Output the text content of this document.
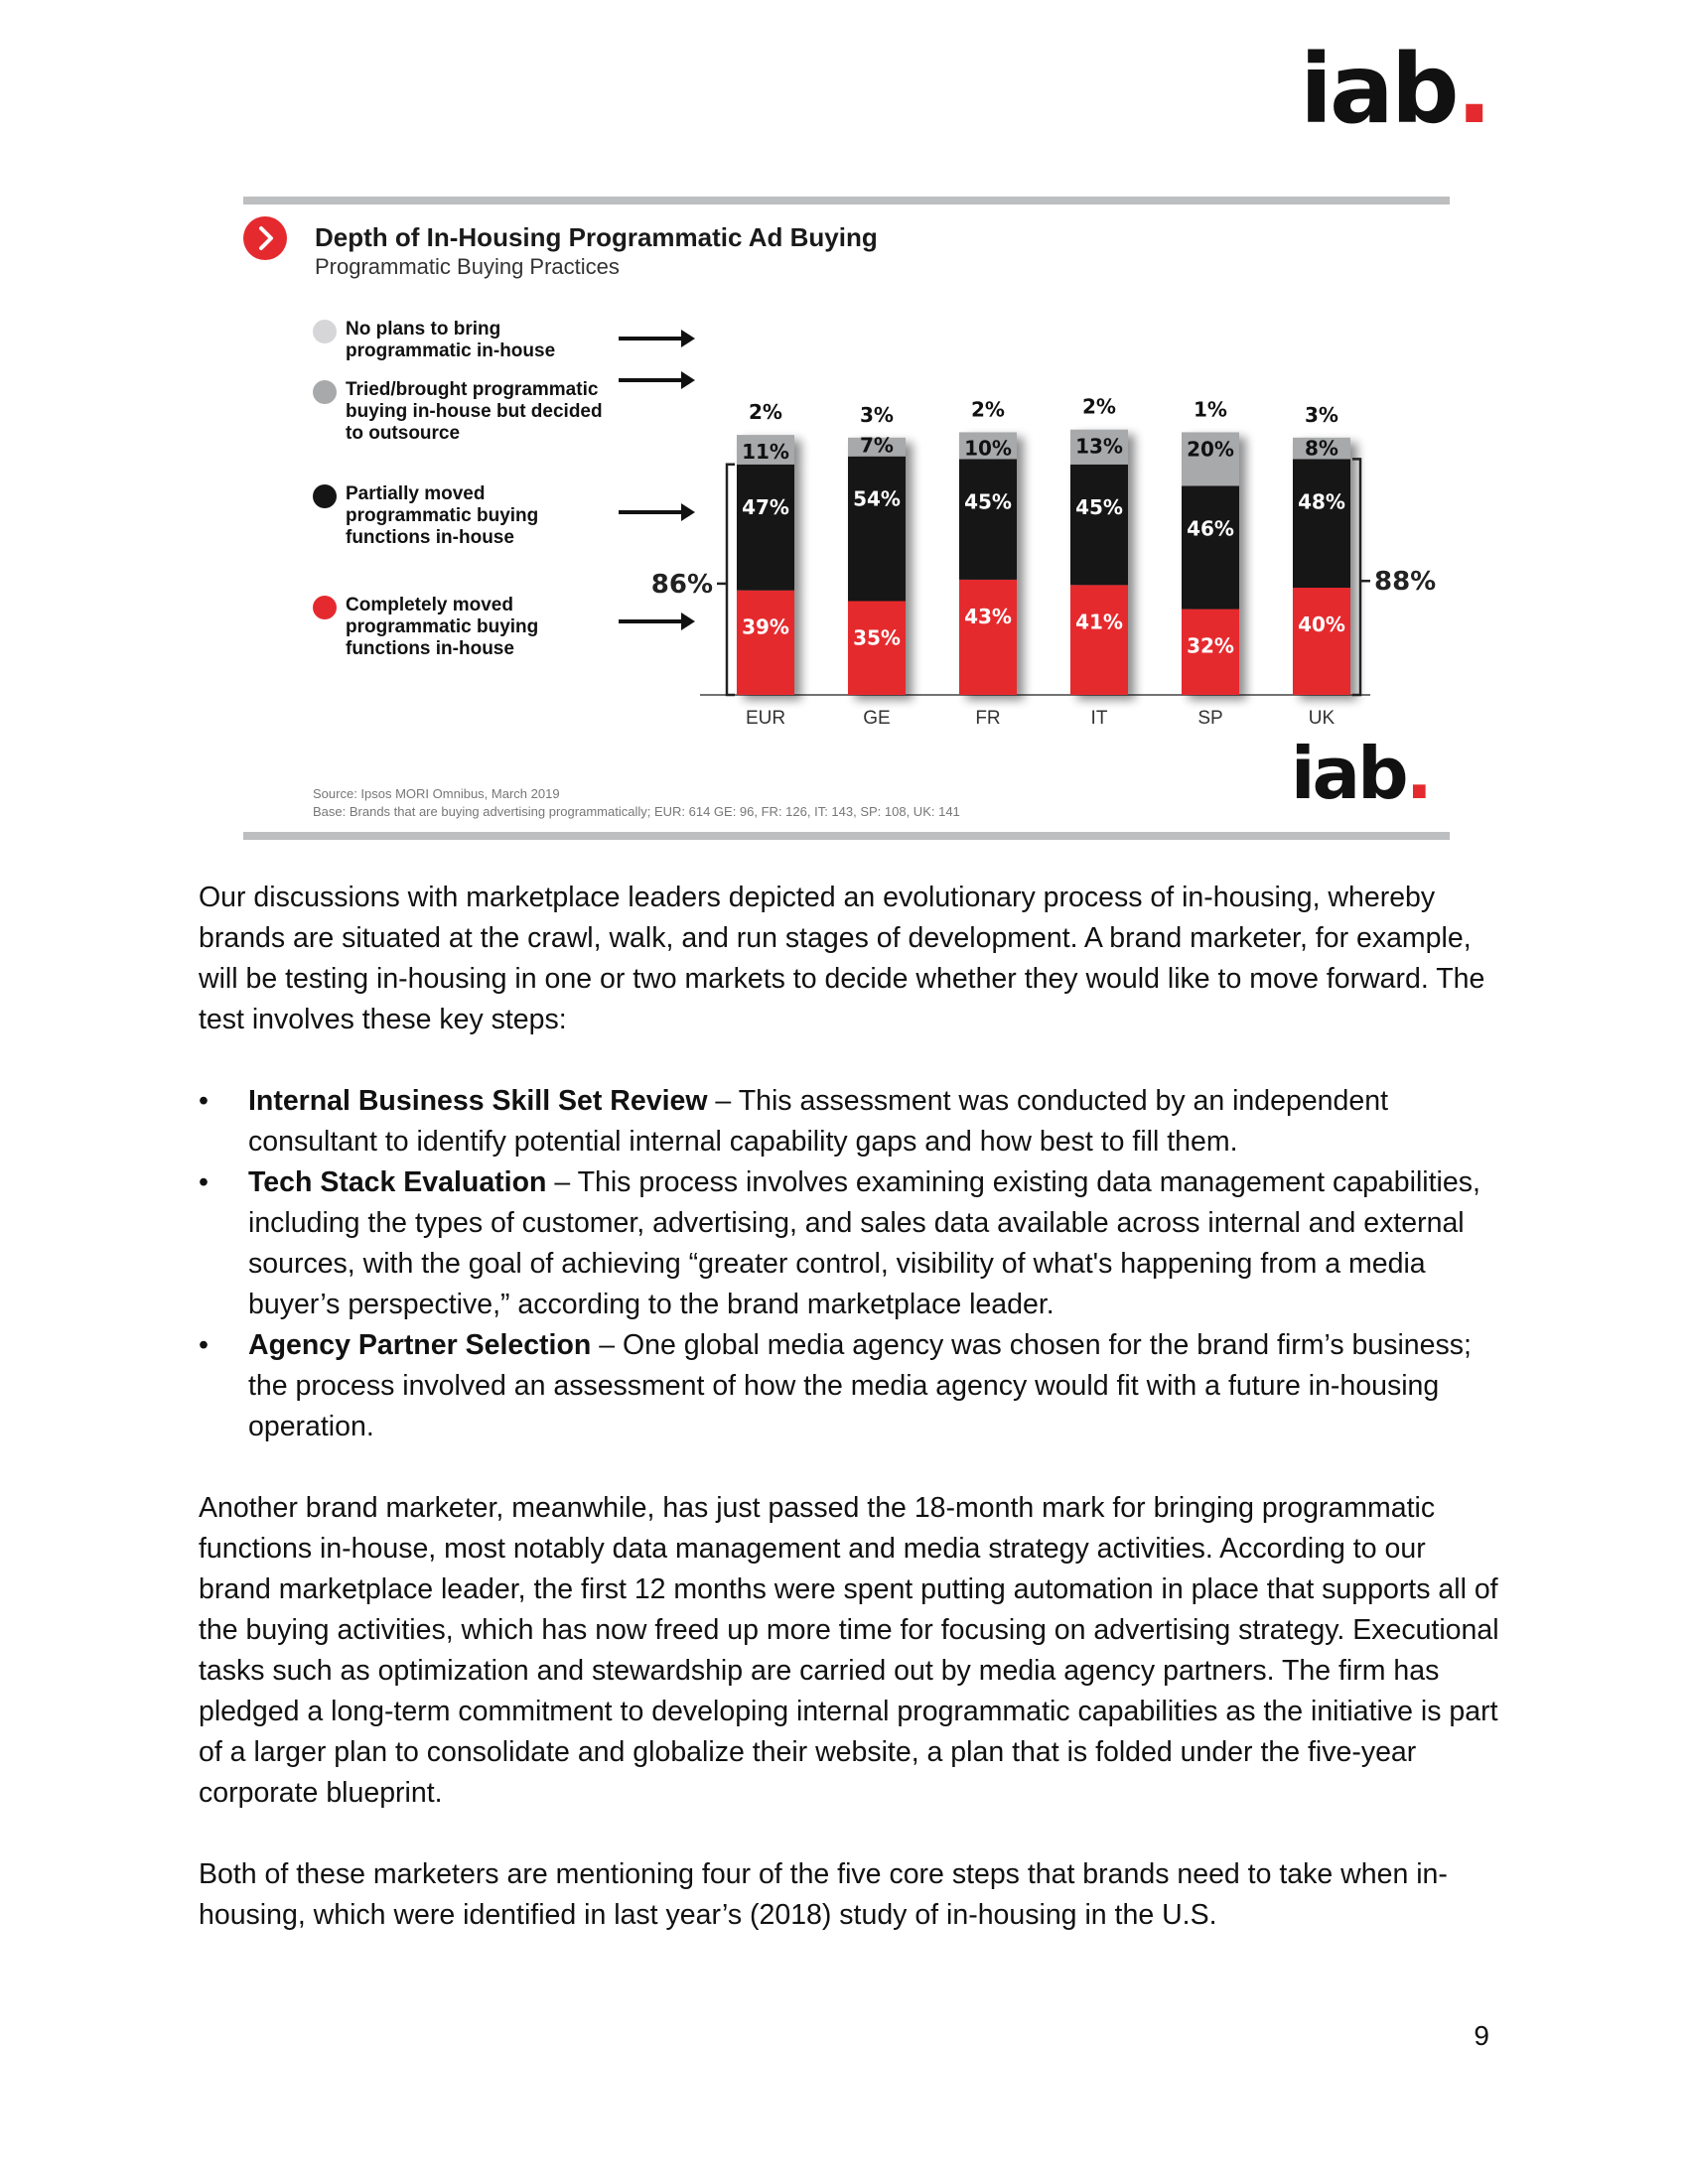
iab.
Depth of In-Housing Programmatic Ad Buying
Programmatic Buying Practices
No plans to bring programmatic in-house
Tried/brought programmatic buying in-house but decided to outsource
Partially moved programmatic buying functions in-house
Completely moved programmatic buying functions in-house
39%
47%
11%
2%
EUR
35%
54%
7%
3%
GE
43%
45%
10%
2%
FR
41%
45%
13%
2%
IT
32%
46%
20%
1%
SP
40%
48%
8%
3%
UK
86%	88%
Source: Ipsos MORI Omnibus, March 2019
Base: Brands that are buying advertising programmatically; EUR: 614 GE: 96, FR: 126, IT: 143, SP: 108, UK: 141	iab.

Our discussions with marketplace leaders depicted an evolutionary process of in-housing, whereby brands are situated at the crawl, walk, and run stages of development. A brand marketer, for example, will be testing in-housing in one or two markets to decide whether they would like to move forward. The test involves these key steps:

• Internal Business Skill Set Review – This assessment was conducted by an independent consultant to identify potential internal capability gaps and how best to fill them.
• Tech Stack Evaluation – This process involves examining existing data management capabilities, including the types of customer, advertising, and sales data available across internal and external sources, with the goal of achieving “greater control, visibility of what's happening from a media buyer’s perspective,” according to the brand marketplace leader.
• Agency Partner Selection – One global media agency was chosen for the brand firm’s business; the process involved an assessment of how the media agency would fit with a future in-housing operation.

Another brand marketer, meanwhile, has just passed the 18-month mark for bringing programmatic functions in-house, most notably data management and media strategy activities. According to our brand marketplace leader, the first 12 months were spent putting automation in place that supports all of the buying activities, which has now freed up more time for focusing on advertising strategy. Executional tasks such as optimization and stewardship are carried out by media agency partners. The firm has pledged a long-term commitment to developing internal programmatic capabilities as the initiative is part of a larger plan to consolidate and globalize their website, a plan that is folded under the five-year corporate blueprint.

Both of these marketers are mentioning four of the five core steps that brands need to take when in-housing, which were identified in last year’s (2018) study of in-housing in the U.S.

9
